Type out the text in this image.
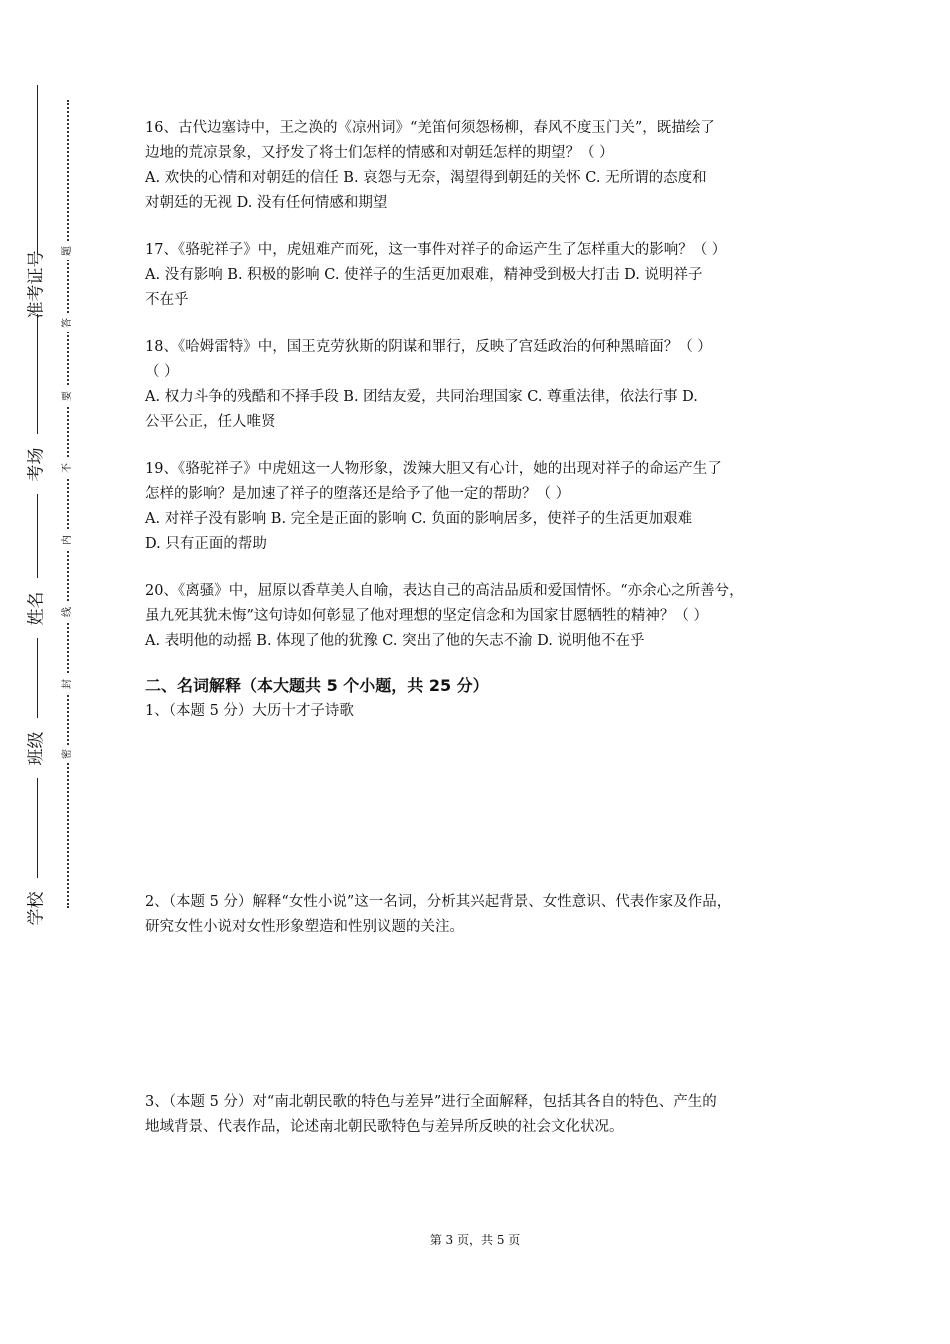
准考证号
考场
姓名
班级
学校
题
答
要
不
内
线
封
密
16、古代边塞诗中，王之涣的《凉州词》“羌笛何须怨杨柳，春风不度玉门关”，既描绘了
边地的荒凉景象，又抒发了将士们怎样的情感和对朝廷怎样的期望？（ ）
A. 欢快的心情和对朝廷的信任 B. 哀怨与无奈，渴望得到朝廷的关怀 C. 无所谓的态度和
对朝廷的无视 D. 没有任何情感和期望
17、《骆驼祥子》中，虎妞难产而死，这一事件对祥子的命运产生了怎样重大的影响？（ ）
A. 没有影响 B. 积极的影响 C. 使祥子的生活更加艰难，精神受到极大打击 D. 说明祥子
不在乎
18、《哈姆雷特》中，国王克劳狄斯的阴谋和罪行，反映了宫廷政治的何种黑暗面？（ ）
（ ）
A. 权力斗争的残酷和不择手段 B. 团结友爱，共同治理国家 C. 尊重法律，依法行事 D.
公平公正，任人唯贤
19、《骆驼祥子》中虎妞这一人物形象，泼辣大胆又有心计，她的出现对祥子的命运产生了
怎样的影响？是加速了祥子的堕落还是给予了他一定的帮助？（ ）
A. 对祥子没有影响 B. 完全是正面的影响 C. 负面的影响居多，使祥子的生活更加艰难
D. 只有正面的帮助
20、《离骚》中，屈原以香草美人自喻，表达自己的高洁品质和爱国情怀。“亦余心之所善兮，
虽九死其犹未悔”这句诗如何彰显了他对理想的坚定信念和为国家甘愿牺牲的精神？（ ）
A. 表明他的动摇 B. 体现了他的犹豫 C. 突出了他的矢志不渝 D. 说明他不在乎
二、名词解释（本大题共 5 个小题，共 25 分）
1、（本题 5 分）大历十才子诗歌
2、（本题 5 分）解释“女性小说”这一名词，分析其兴起背景、女性意识、代表作家及作品，
研究女性小说对女性形象塑造和性别议题的关注。
3、（本题 5 分）对“南北朝民歌的特色与差异”进行全面解释，包括其各自的特色、产生的
地域背景、代表作品，论述南北朝民歌特色与差异所反映的社会文化状况。
第 3 页，共 5 页
